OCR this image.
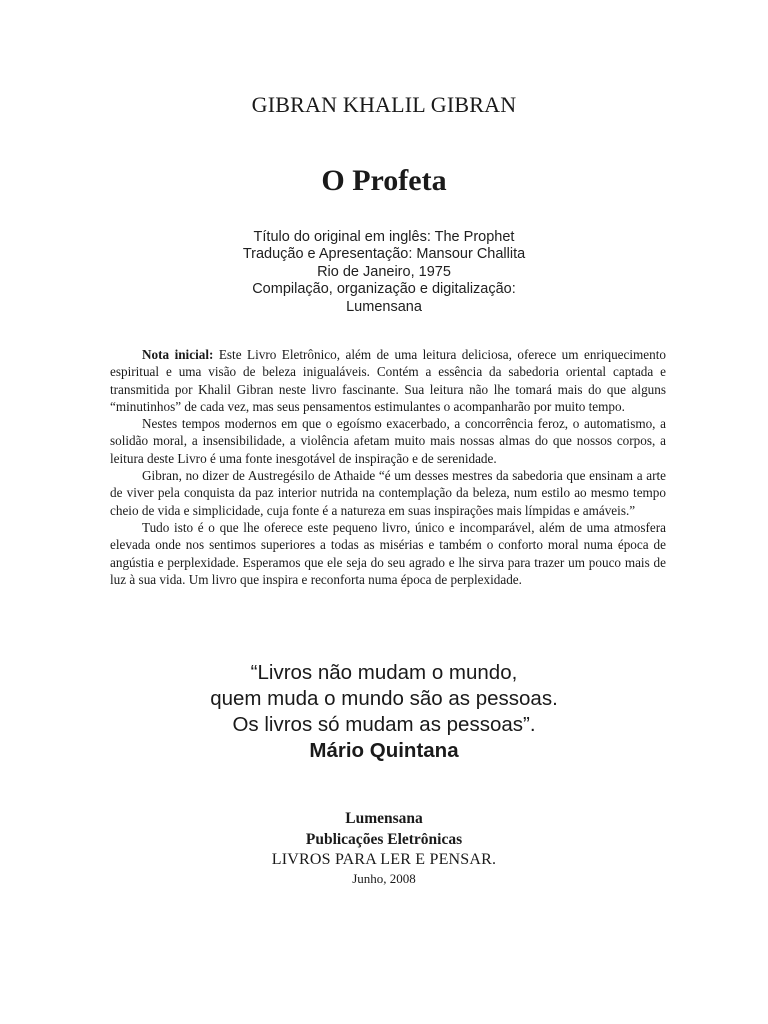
GIBRAN KHALIL GIBRAN
O Profeta
Título do original em inglês: The Prophet
Tradução e Apresentação: Mansour Challita
Rio de Janeiro, 1975
Compilação, organização e digitalização:
Lumensana

Nota inicial: Este Livro Eletrônico, além de uma leitura deliciosa, oferece um enriquecimento espiritual e uma visão de beleza inigualáveis. Contém a essência da sabedoria oriental captada e transmitida por Khalil Gibran neste livro fascinante. Sua leitura não lhe tomará mais do que alguns “minutinhos” de cada vez, mas seus pensamentos estimulantes o acompanharão por muito tempo.

Nestes tempos modernos em que o egoísmo exacerbado, a concorrência feroz, o automatismo, a solidão moral, a insensibilidade, a violência afetam muito mais nossas almas do que nossos corpos, a leitura deste Livro é uma fonte inesgotável de inspiração e de serenidade.

Gibran, no dizer de Austregésilo de Athaide “é um desses mestres da sabedoria que ensinam a arte de viver pela conquista da paz interior nutrida na contemplação da beleza, num estilo ao mesmo tempo cheio de vida e simplicidade, cuja fonte é a natureza em suas inspirações mais límpidas e amáveis.”

Tudo isto é o que lhe oferece este pequeno livro, único e incomparável, além de uma atmosfera elevada onde nos sentimos superiores a todas as misérias e também o conforto moral numa época de angústia e perplexidade. Esperamos que ele seja do seu agrado e lhe sirva para trazer um pouco mais de luz à sua vida. Um livro que inspira e reconforta numa época de perplexidade.

“Livros não mudam o mundo,
quem muda o mundo são as pessoas.
Os livros só mudam as pessoas”.
Mário Quintana
Lumensana
Publicações Eletrônicas
LIVROS PARA LER E PENSAR.
Junho, 2008
